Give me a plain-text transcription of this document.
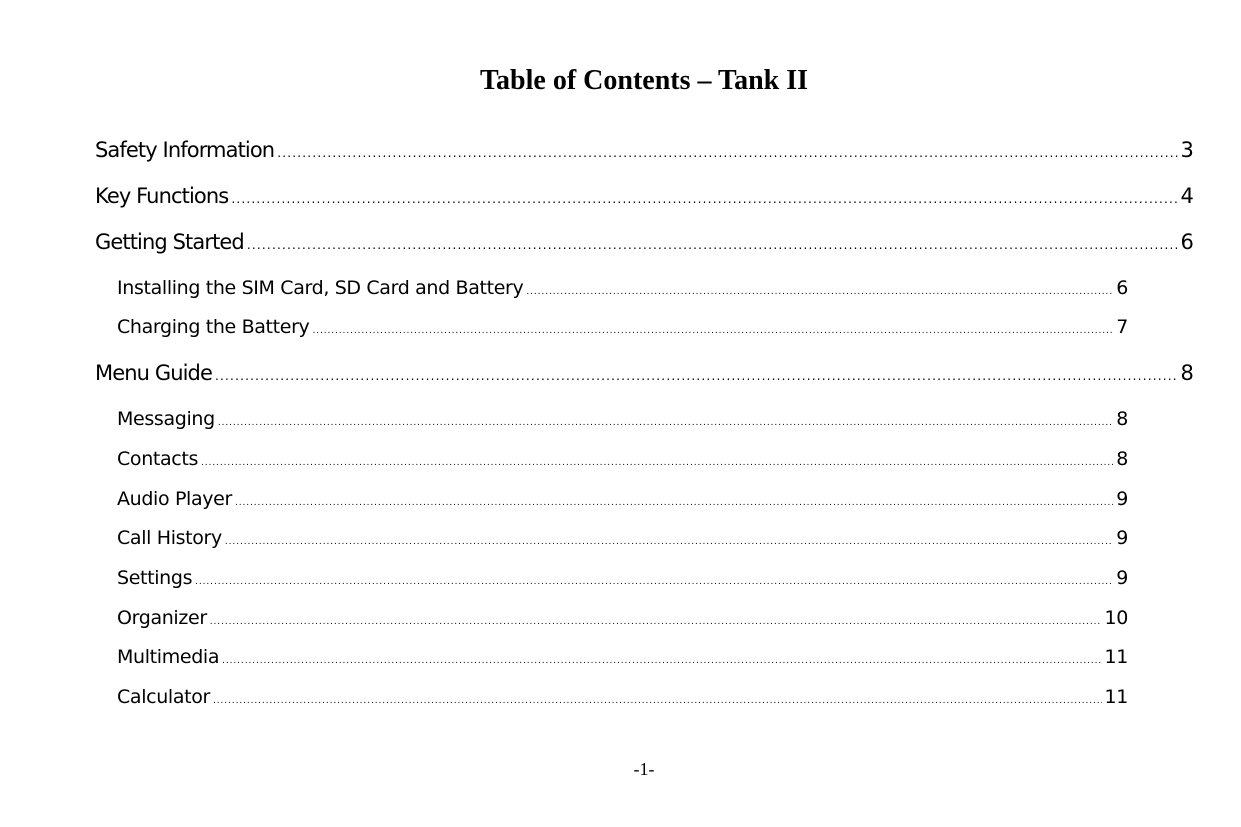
Table of Contents – Tank II
Safety Information .....	3
Key Functions .....	4
Getting Started .....	6
Installing the SIM Card, SD Card and Battery .....	6
Charging the Battery .....	7
Menu Guide .....	8
Messaging .....	8
Contacts .....	8
Audio Player .....	9
Call History .....	9
Settings .....	9
Organizer .....	10
Multimedia .....	11
Calculator .....	11
-1-
